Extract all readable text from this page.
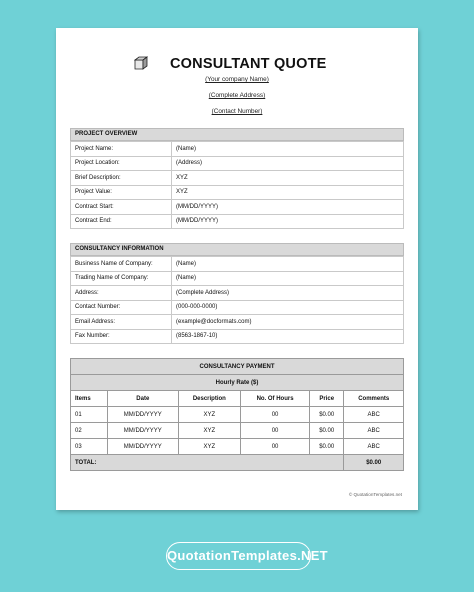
CONSULTANT QUOTE
(Your company Name)
(Complete Address)
(Contact Number)
PROJECT OVERVIEW
Project Name:	(Name)
Project Location:	(Address)
Brief Description:	XYZ
Project Value:	XYZ
Contract Start:	(MM/DD/YYYY)
Contract End:	(MM/DD/YYYY)
CONSULTANCY INFORMATION
Business Name of Company:	(Name)
Trading Name of Company:	(Name)
Address:	(Complete Address)
Contact Number:	(000-000-0000)
Email Address:	(example@docformats.com)
Fax Number:	(8563-1867-10)
CONSULTANCY PAYMENT					
Hourly Rate ($)					
Items	Date	Description	No. Of Hours	Price	Comments
01	MM/DD/YYYY	XYZ	00	$0.00	ABC
02	MM/DD/YYYY	XYZ	00	$0.00	ABC
03	MM/DD/YYYY	XYZ	00	$0.00	ABC
TOTAL:					$0.00
© QuotationTemplates.net
QuotationTemplates.NET
